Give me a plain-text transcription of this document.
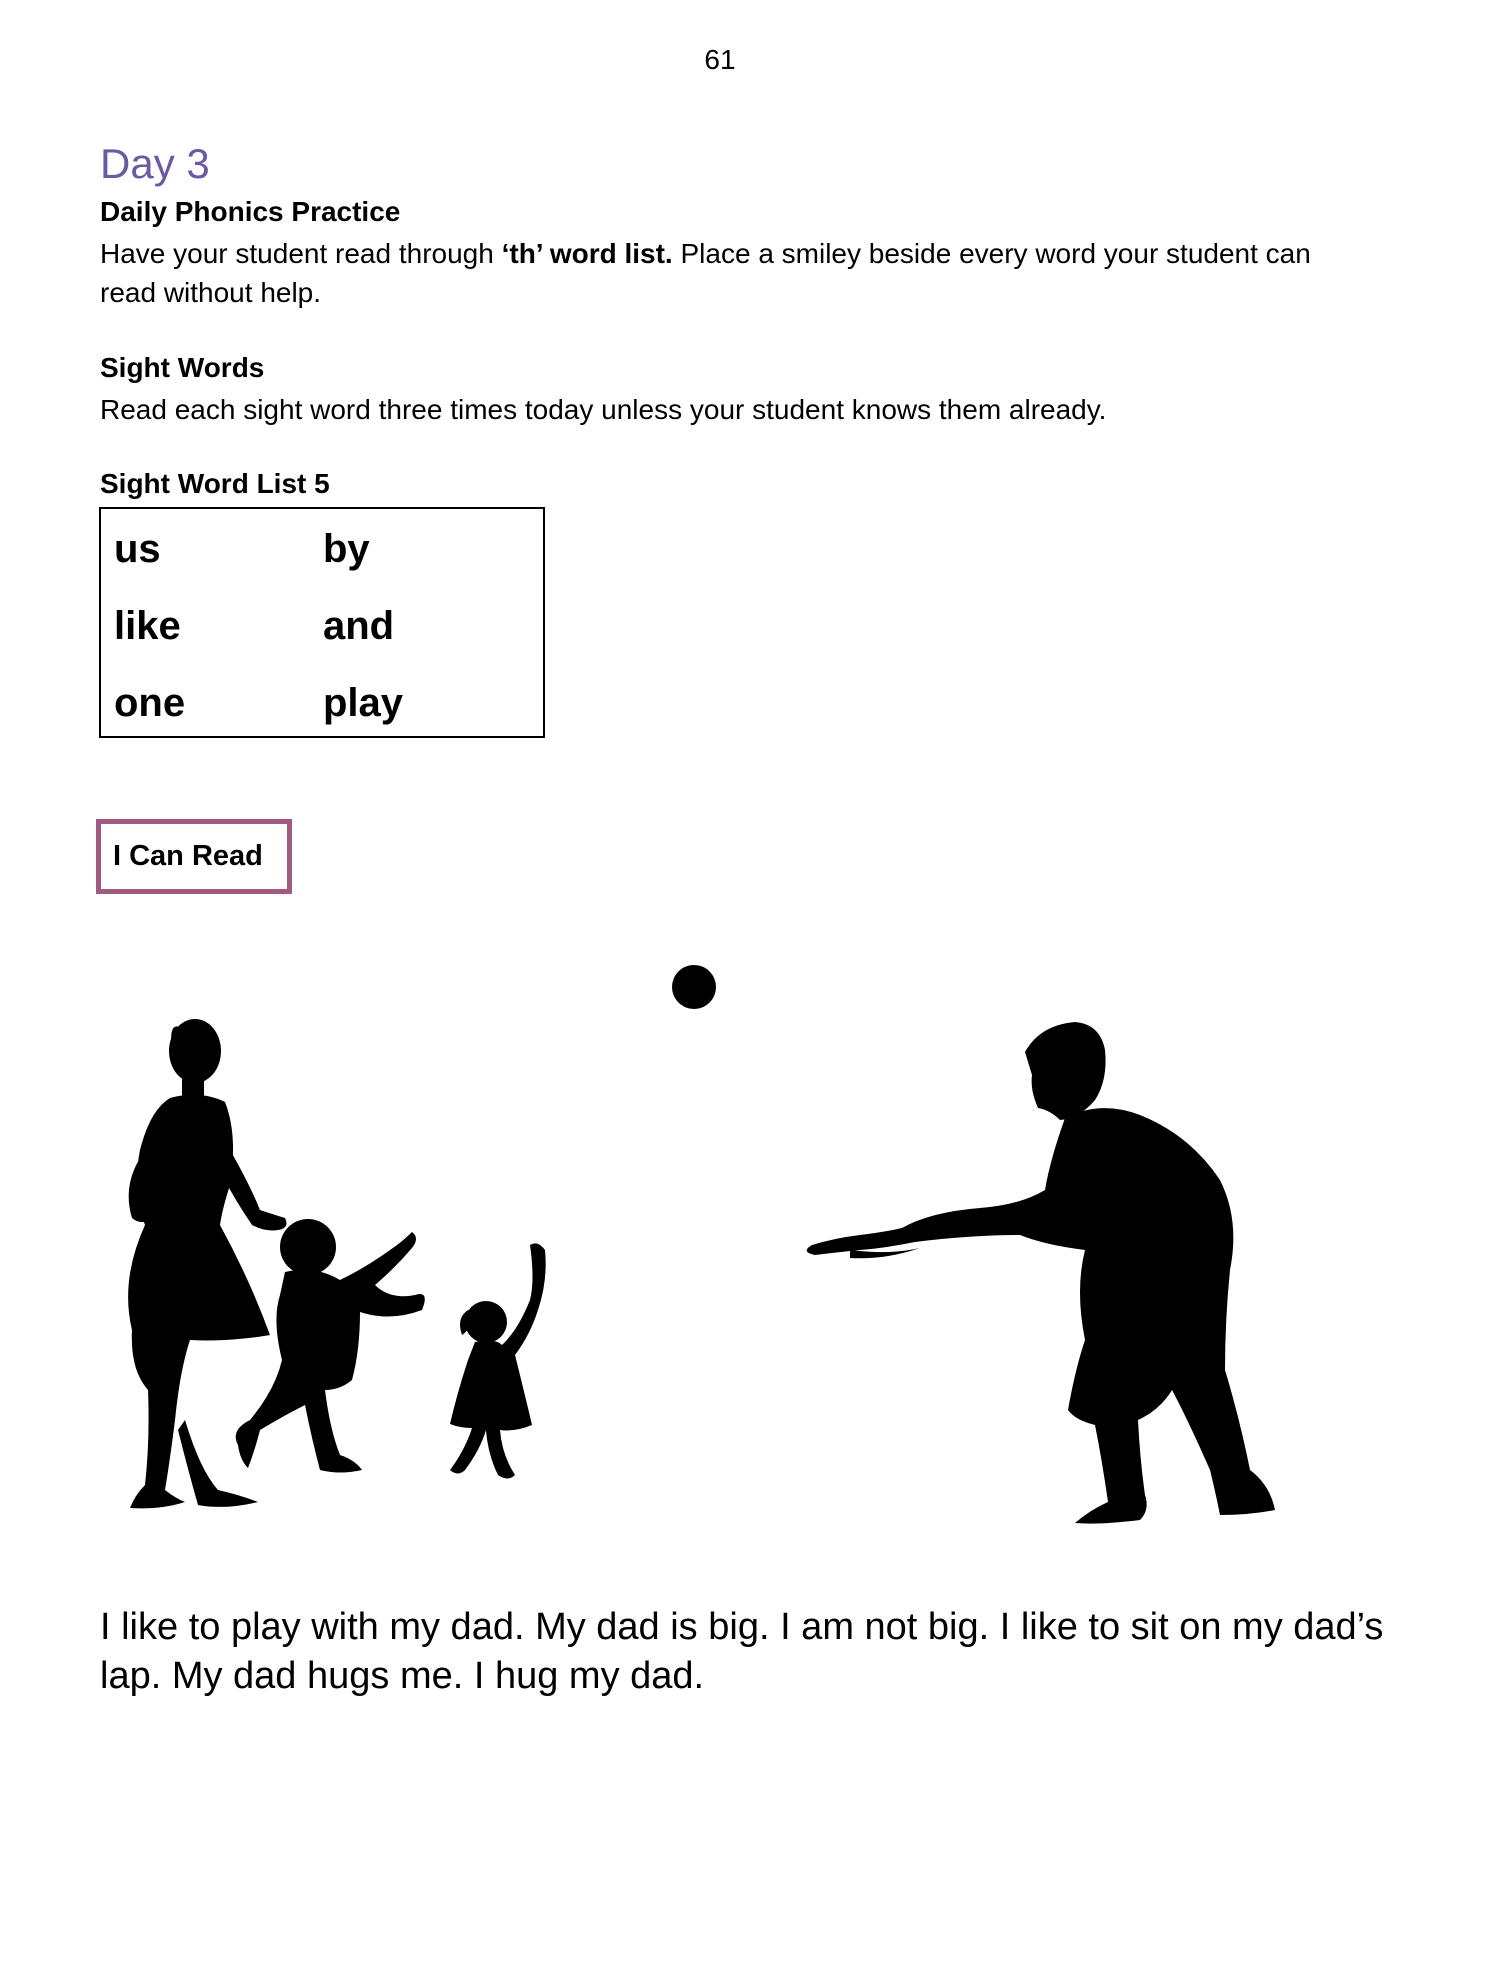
61
Day 3
Daily Phonics Practice

Have your student read through ‘th’ word list. Place a smiley beside every word your student can read without help.

Sight Words

Read each sight word three times today unless your student knows them already.

Sight Word List 5
us	by
like	and
one	play
I Can Read

I like to play with my dad. My dad is big. I am not big. I like to sit on my dad’s lap. My dad hugs me. I hug my dad.
